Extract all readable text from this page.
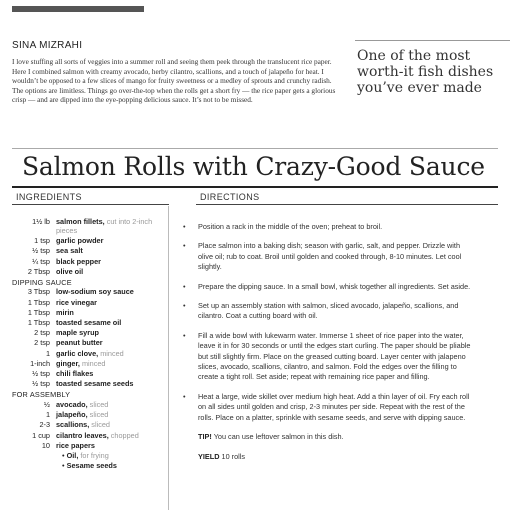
SINA MIZRAHI

I love stuffing all sorts of veggies into a summer roll and seeing them peek through the translucent rice paper. Here I combined salmon with creamy avocado, herby cilantro, scallions, and a touch of jalapeño for heat. I wouldn’t be opposed to a few slices of mango for fruity sweetness or a medley of sprouts and crunchy radish. The options are limitless. Things go over-the-top when the rolls get a short fry — the rice paper gets a glorious crisp — and are dipped into the eye-popping delicious sauce. It’s not to be missed.

One of the most worth-it fish dishes you’ve ever made
Salmon Rolls with Crazy-Good Sauce
INGREDIENTS	DIRECTIONS
1½ lb salmon fillets, cut into 2-inch pieces
1 tsp garlic powder
½ tsp sea salt
¼ tsp black pepper
2 Tbsp olive oil
DIPPING SAUCE
3 Tbsp low-sodium soy sauce
1 Tbsp rice vinegar
1 Tbsp mirin
1 Tbsp toasted sesame oil
2 tsp maple syrup
2 tsp peanut butter
1 garlic clove, minced
1-inch ginger, minced
½ tsp chili flakes
½ tsp toasted sesame seeds
FOR ASSEMBLY
½ avocado, sliced
1 jalapeño, sliced
2-3 scallions, sliced
1 cup cilantro leaves, chopped
10 rice papers
• Oil, for frying
• Sesame seeds

• Position a rack in the middle of the oven; preheat to broil.

• Place salmon into a baking dish; season with garlic, salt, and pepper. Drizzle with olive oil; rub to coat. Broil until golden and cooked through, 8-10 minutes. Let cool slightly.

• Prepare the dipping sauce. In a small bowl, whisk together all ingredients. Set aside.

• Set up an assembly station with salmon, sliced avocado, jalapeño, scallions, and cilantro. Coat a cutting board with oil.

• Fill a wide bowl with lukewarm water. Immerse 1 sheet of rice paper into the water, leave it in for 30 seconds or until the edges start curling. The paper should be pliable but still slightly firm. Place on the greased cutting board. Layer center with jalapeno slices, avocado, scallions, cilantro, and salmon. Fold the edges over the filling to create a tight roll. Set aside; repeat with remaining rice paper and filling.

• Heat a large, wide skillet over medium high heat. Add a thin layer of oil. Fry each roll on all sides until golden and crisp, 2-3 minutes per side. Repeat with the rest of the rolls. Place on a platter, sprinkle with sesame seeds, and serve with dipping sauce.

TIP! You can use leftover salmon in this dish.

YIELD 10 rolls
